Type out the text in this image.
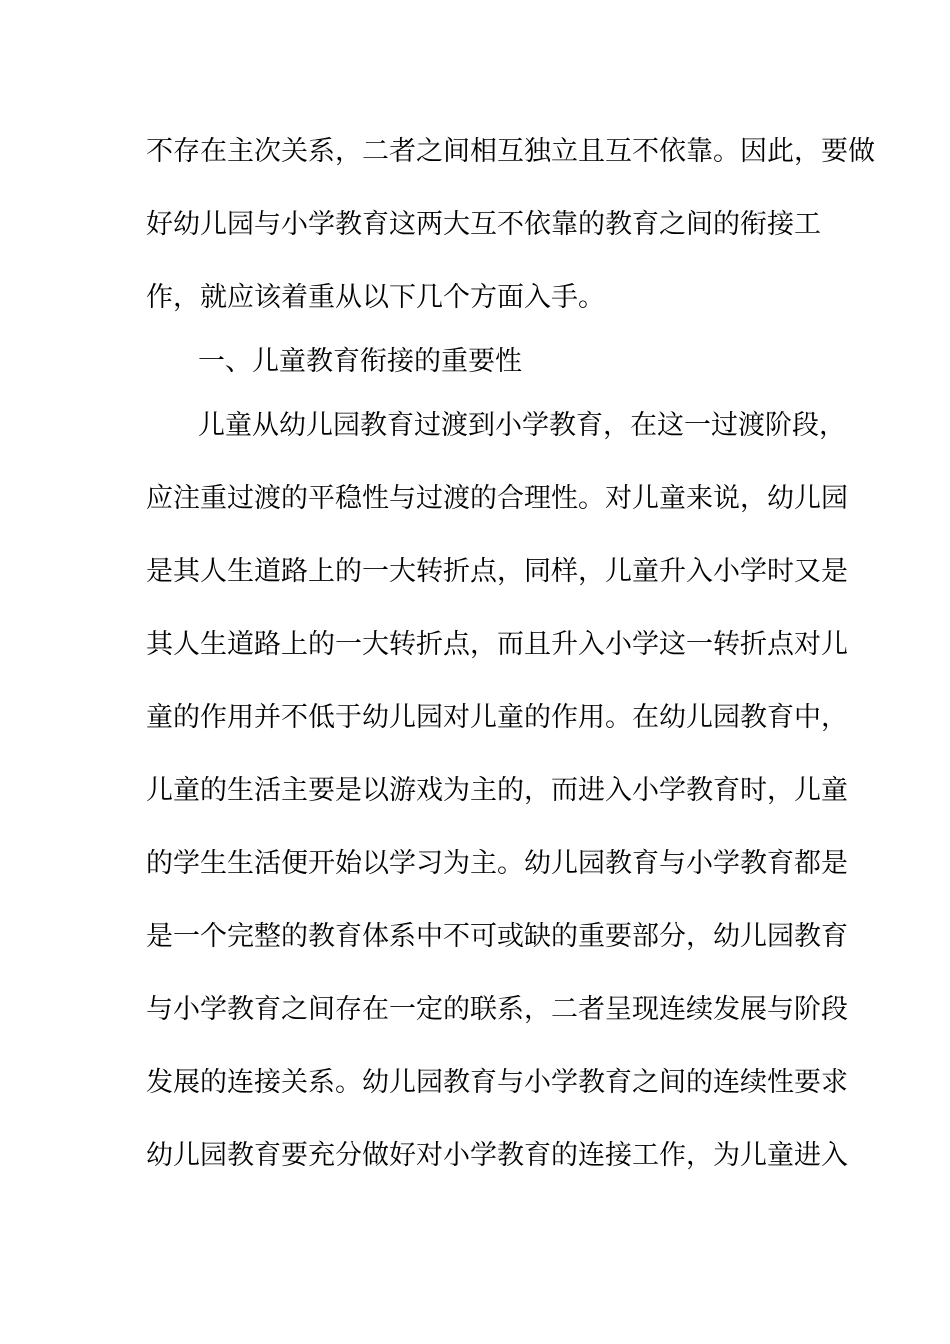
不存在主次关系，二者之间相互独立且互不依靠。因此，要做
好幼儿园与小学教育这两大互不依靠的教育之间的衔接工
作，就应该着重从以下几个方面入手。
一、儿童教育衔接的重要性
儿童从幼儿园教育过渡到小学教育，在这一过渡阶段，
应注重过渡的平稳性与过渡的合理性。对儿童来说，幼儿园
是其人生道路上的一大转折点，同样，儿童升入小学时又是
其人生道路上的一大转折点，而且升入小学这一转折点对儿
童的作用并不低于幼儿园对儿童的作用。在幼儿园教育中，
儿童的生活主要是以游戏为主的，而进入小学教育时，儿童
的学生生活便开始以学习为主。幼儿园教育与小学教育都是
是一个完整的教育体系中不可或缺的重要部分，幼儿园教育
与小学教育之间存在一定的联系，二者呈现连续发展与阶段
发展的连接关系。幼儿园教育与小学教育之间的连续性要求
幼儿园教育要充分做好对小学教育的连接工作，为儿童进入
